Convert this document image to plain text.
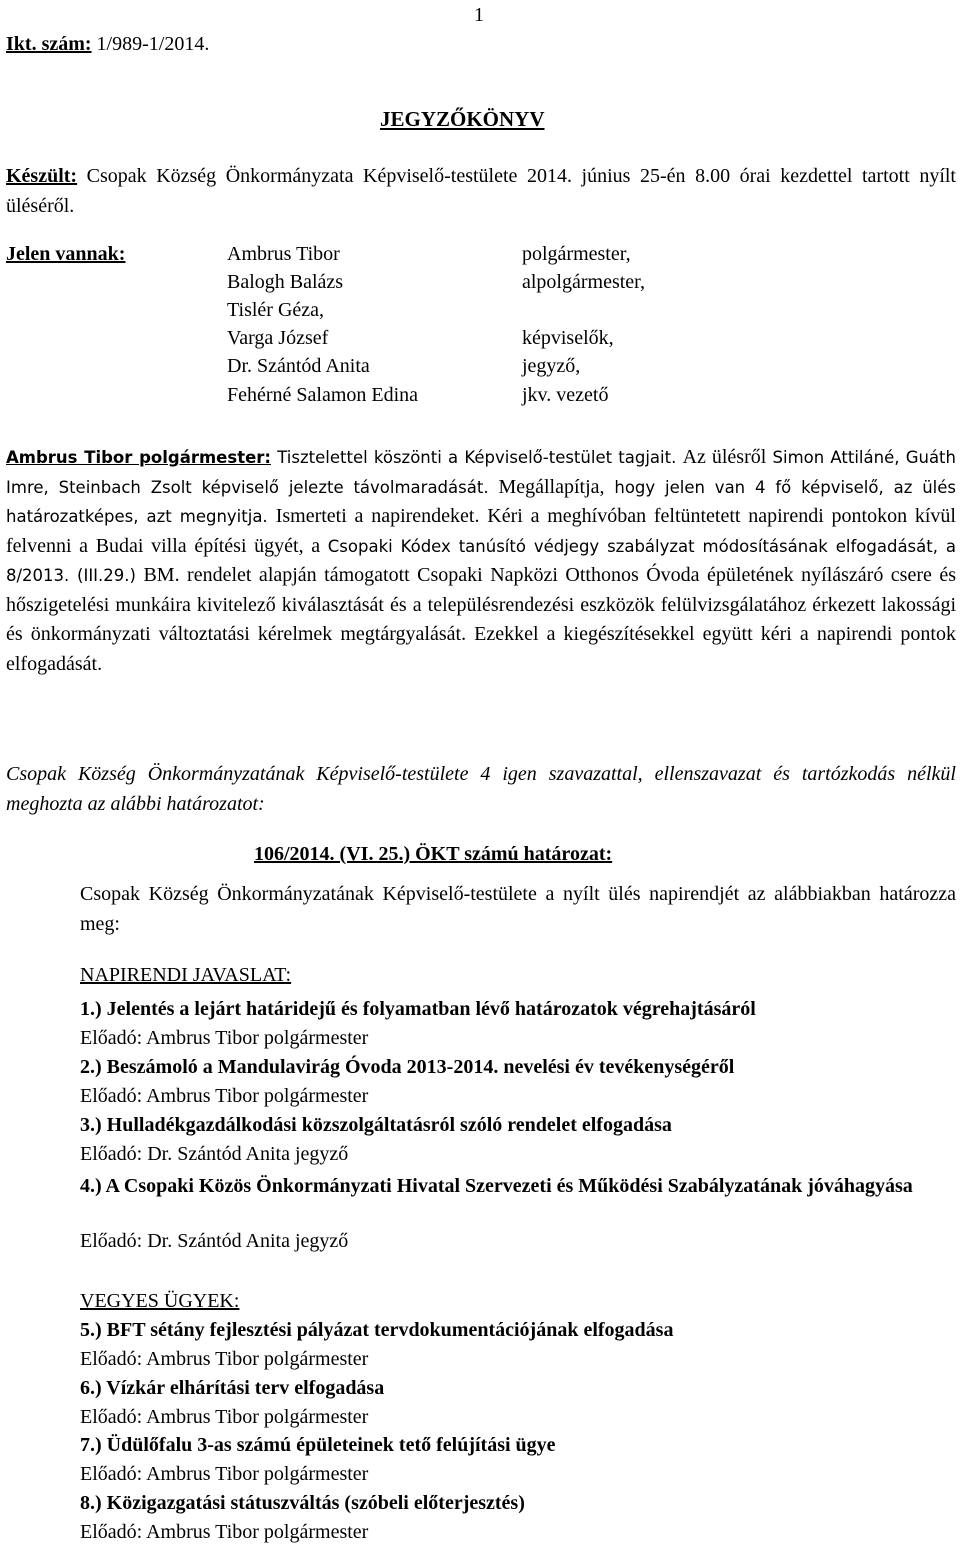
1
Ikt. szám: 1/989-1/2014.
JEGYZŐKÖNYV
Készült: Csopak Község Önkormányzata Képviselő-testülete 2014. június 25-én 8.00 órai kezdettel tartott nyílt üléséről.
Jelen vannak:	Ambrus Tibor	polgármester,
Balogh Balázs	alpolgármester,
Tislér Géza,
Varga József	képviselők,
Dr. Szántód Anita	jegyző,
Fehérné Salamon Edina	jkv. vezető
Ambrus Tibor polgármester: Tisztelettel köszönti a Képviselő-testület tagjait. Az ülésről Simon Attiláné, Guáth Imre, Steinbach Zsolt képviselő jelezte távolmaradását. Megállapítja, hogy jelen van 4 fő képviselő, az ülés határozatképes, azt megnyitja. Ismerteti a napirendeket. Kéri a meghívóban feltüntetett napirendi pontokon kívül felvenni a Budai villa építési ügyét, a Csopaki Kódex tanúsító védjegy szabályzat módosításának elfogadását, a 8/2013. (III.29.) BM. rendelet alapján támogatott Csopaki Napközi Otthonos Óvoda épületének nyílászáró csere és hőszigetelési munkáira kivitelező kiválasztását és a településrendezési eszközök felülvizsgálatához érkezett lakossági és önkormányzati változtatási kérelmek megtárgyalását. Ezekkel a kiegészítésekkel együtt kéri a napirendi pontok elfogadását.
Csopak Község Önkormányzatának Képviselő-testülete 4 igen szavazattal, ellenszavazat és tartózkodás nélkül meghozta az alábbi határozatot:
106/2014. (VI. 25.) ÖKT számú határozat:
Csopak Község Önkormányzatának Képviselő-testülete a nyílt ülés napirendjét az alábbiakban határozza meg:
NAPIRENDI JAVASLAT:
1.) Jelentés a lejárt határidejű és folyamatban lévő határozatok végrehajtásáról
Előadó: Ambrus Tibor polgármester
2.) Beszámoló a Mandulavirág Óvoda 2013-2014. nevelési év tevékenységéről
Előadó: Ambrus Tibor polgármester
3.) Hulladékgazdálkodási közszolgáltatásról szóló rendelet elfogadása
Előadó: Dr. Szántód Anita jegyző
4.) A Csopaki Közös Önkormányzati Hivatal Szervezeti és Működési Szabályzatának jóváhagyása
Előadó: Dr. Szántód Anita jegyző
VEGYES ÜGYEK:
5.) BFT sétány fejlesztési pályázat tervdokumentációjának elfogadása
Előadó: Ambrus Tibor polgármester
6.) Vízkár elhárítási terv elfogadása
Előadó: Ambrus Tibor polgármester
7.) Üdülőfalu 3-as számú épületeinek tető felújítási ügye
Előadó: Ambrus Tibor polgármester
8.) Közigazgatási státuszváltás (szóbeli előterjesztés)
Előadó: Ambrus Tibor polgármester
